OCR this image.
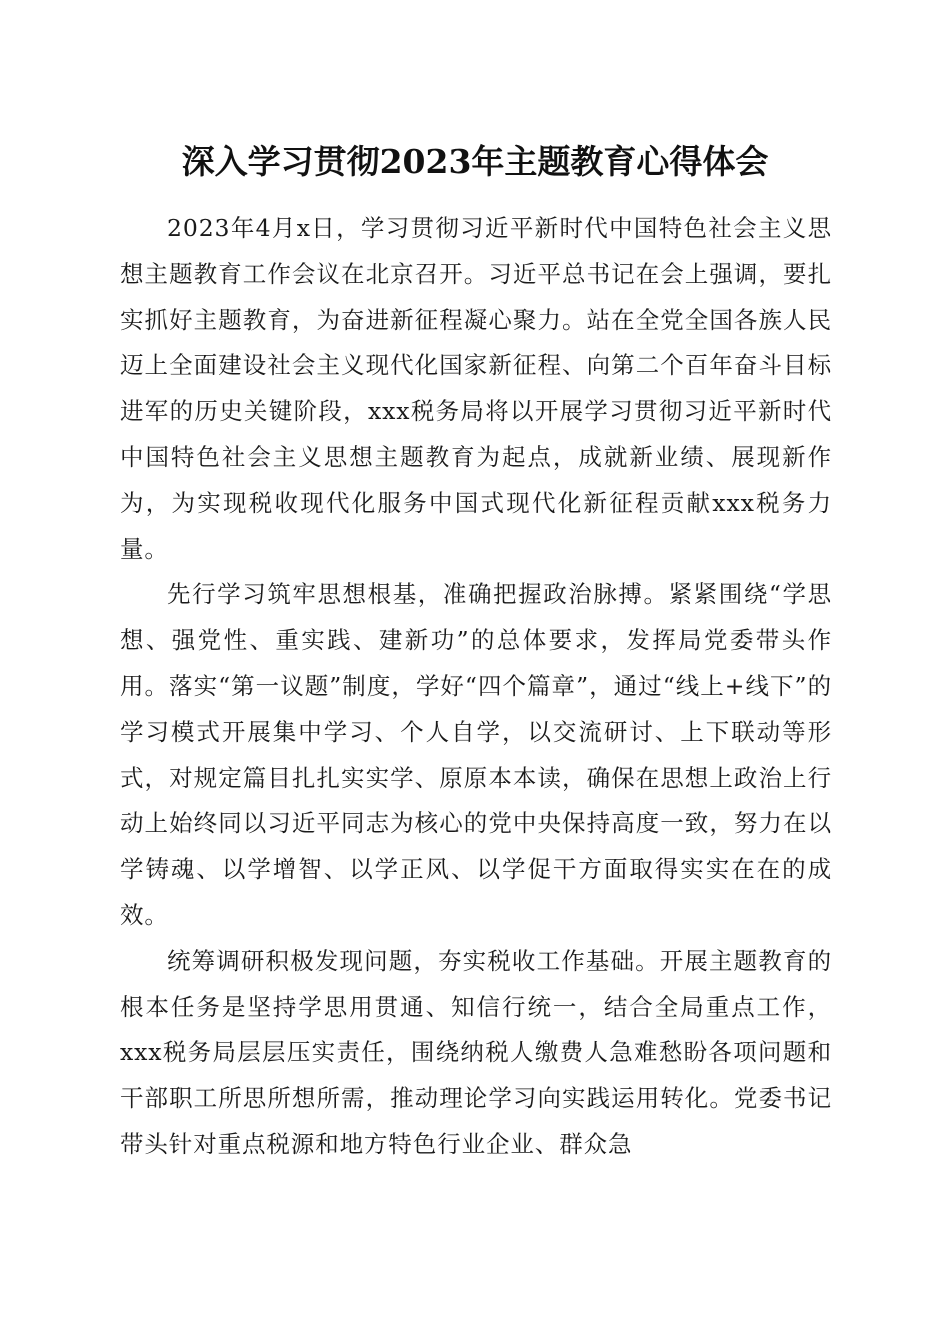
深入学习贯彻2023年主题教育心得体会

2023年4月x日，学习贯彻习近平新时代中国特色社会主义思想主题教育工作会议在北京召开。习近平总书记在会上强调，要扎实抓好主题教育，为奋进新征程凝心聚力。站在全党全国各族人民迈上全面建设社会主义现代化国家新征程、向第二个百年奋斗目标进军的历史关键阶段，xxx税务局将以开展学习贯彻习近平新时代中国特色社会主义思想主题教育为起点，成就新业绩、展现新作为，为实现税收现代化服务中国式现代化新征程贡献xxx税务力量。

先行学习筑牢思想根基，准确把握政治脉搏。紧紧围绕“学思想、强党性、重实践、建新功”的总体要求，发挥局党委带头作用。落实“第一议题”制度，学好“四个篇章”，通过“线上+线下”的学习模式开展集中学习、个人自学，以交流研讨、上下联动等形式，对规定篇目扎扎实实学、原原本本读，确保在思想上政治上行动上始终同以习近平同志为核心的党中央保持高度一致，努力在以学铸魂、以学增智、以学正风、以学促干方面取得实实在在的成效。

统筹调研积极发现问题，夯实税收工作基础。开展主题教育的根本任务是坚持学思用贯通、知信行统一，结合全局重点工作，xxx税务局层层压实责任，围绕纳税人缴费人急难愁盼各项问题和干部职工所思所想所需，推动理论学习向实践运用转化。党委书记带头针对重点税源和地方特色行业企业、群众急
